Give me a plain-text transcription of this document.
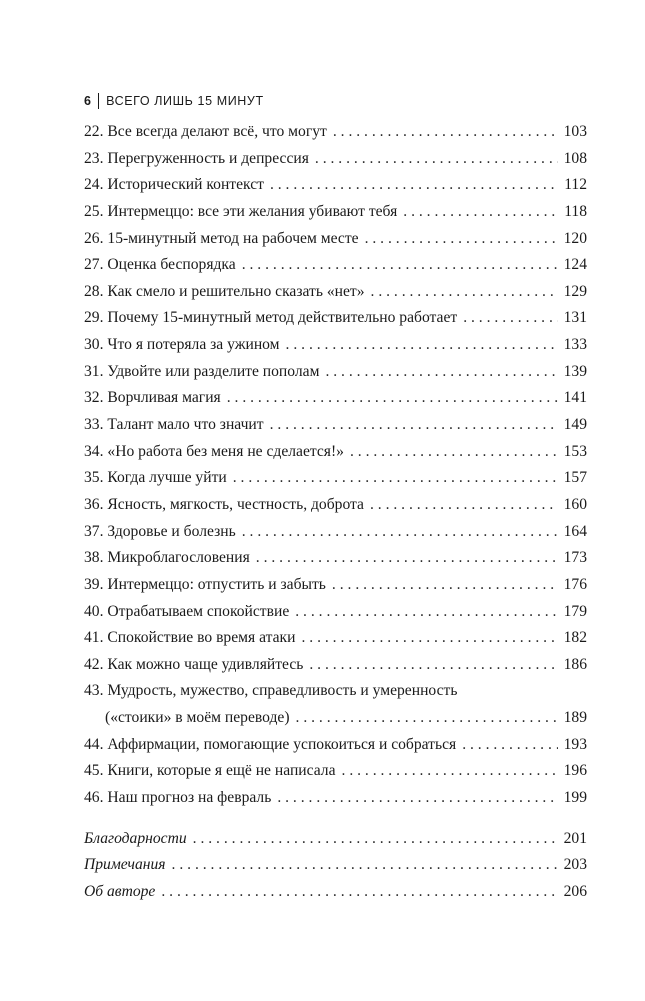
6 ВСЕГО ЛИШЬ 15 МИНУТ
22. Все всегда делают всё, что могут . . .	103
23. Перегруженность и депрессия . . .	108
24. Исторический контекст . . .	112
25. Интермеццо: все эти желания убивают тебя . . .	118
26. 15-минутный метод на рабочем месте . . .	120
27. Оценка беспорядка . . .	124
28. Как смело и решительно сказать «нет» . . .	129
29. Почему 15-минутный метод действительно работает . . .	131
30. Что я потеряла за ужином . . .	133
31. Удвойте или разделите пополам . . .	139
32. Ворчливая магия . . .	141
33. Талант мало что значит . . .	149
34. «Но работа без меня не сделается!» . . .	153
35. Когда лучше уйти . . .	157
36. Ясность, мягкость, честность, доброта . . .	160
37. Здоровье и болезнь . . .	164
38. Микроблагословения . . .	173
39. Интермеццо: отпустить и забыть . . .	176
40. Отрабатываем спокойствие . . .	179
41. Спокойствие во время атаки . . .	182
42. Как можно чаще удивляйтесь . . .	186
43. Мудрость, мужество, справедливость и умеренность
(«стоики» в моём переводе) . . .	189
44. Аффирмации, помогающие успокоиться и собраться . . .	193
45. Книги, которые я ещё не написала . . .	196
46. Наш прогноз на февраль . . .	199
Благодарности . . .	201
Примечания . . .	203
Об авторе . . .	206
